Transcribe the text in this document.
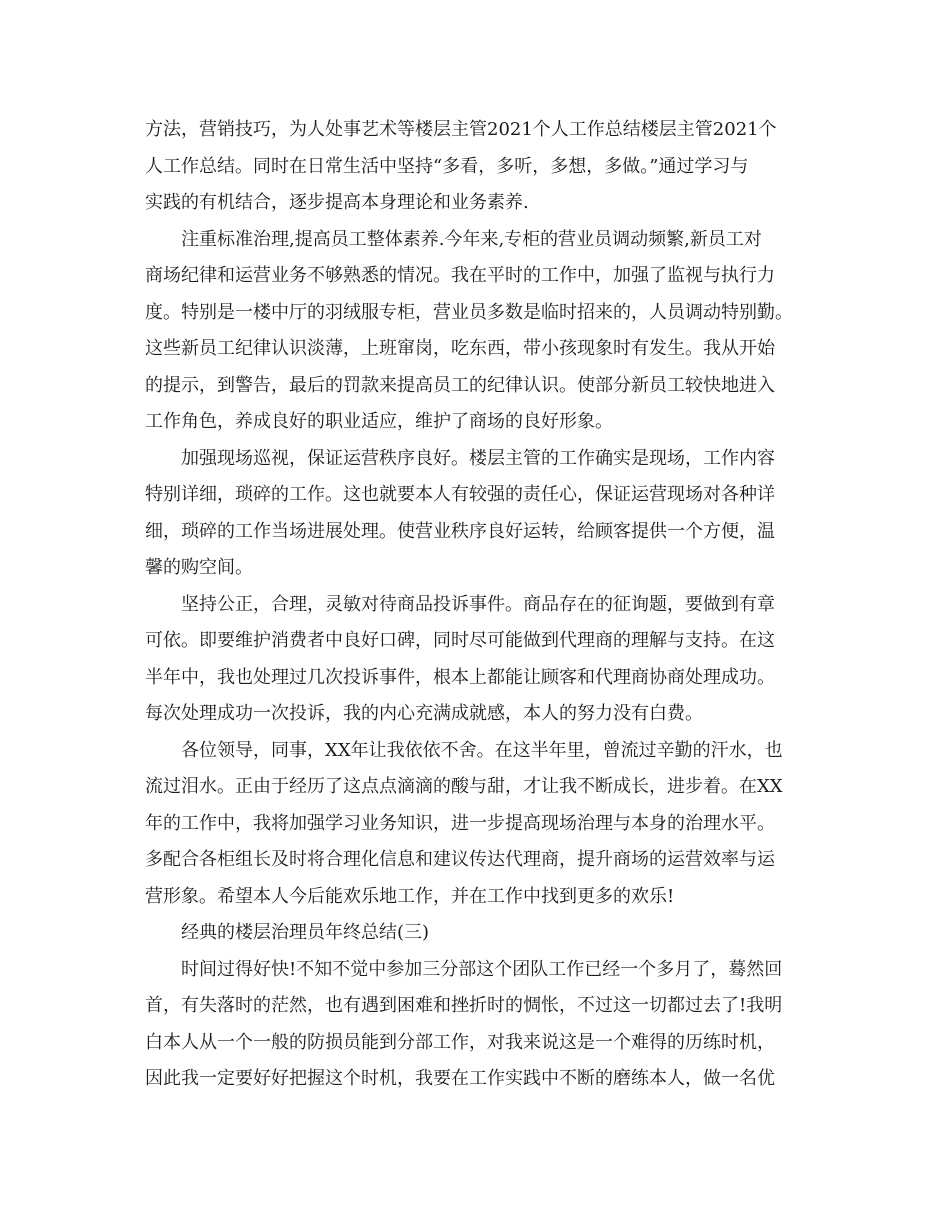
方法，营销技巧，为人处事艺术等楼层主管2021个人工作总结楼层主管2021个

人工作总结。同时在日常生活中坚持“多看，多听，多想，多做。”通过学习与

实践的有机结合，逐步提高本身理论和业务素养.

　　注重标准治理,提高员工整体素养.今年来,专柜的营业员调动频繁,新员工对

商场纪律和运营业务不够熟悉的情况。我在平时的工作中，加强了监视与执行力

度。特别是一楼中厅的羽绒服专柜，营业员多数是临时招来的，人员调动特别勤。

这些新员工纪律认识淡薄，上班窜岗，吃东西，带小孩现象时有发生。我从开始

的提示，到警告，最后的罚款来提高员工的纪律认识。使部分新员工较快地进入

工作角色，养成良好的职业适应，维护了商场的良好形象。

　　加强现场巡视，保证运营秩序良好。楼层主管的工作确实是现场，工作内容

特别详细，琐碎的工作。这也就要本人有较强的责任心，保证运营现场对各种详

细，琐碎的工作当场进展处理。使营业秩序良好运转，给顾客提供一个方便，温

馨的购空间。

　　坚持公正，合理，灵敏对待商品投诉事件。商品存在的征询题，要做到有章

可依。即要维护消费者中良好口碑，同时尽可能做到代理商的理解与支持。在这

半年中，我也处理过几次投诉事件，根本上都能让顾客和代理商协商处理成功。

每次处理成功一次投诉，我的内心充满成就感，本人的努力没有白费。

　　各位领导，同事，XX年让我依依不舍。在这半年里，曾流过辛勤的汗水，也

流过泪水。正由于经历了这点点滴滴的酸与甜，才让我不断成长，进步着。在XX

年的工作中，我将加强学习业务知识，进一步提高现场治理与本身的治理水平。

多配合各柜组长及时将合理化信息和建议传达代理商，提升商场的运营效率与运

营形象。希望本人今后能欢乐地工作，并在工作中找到更多的欢乐!

　　经典的楼层治理员年终总结(三)

　　时间过得好快!不知不觉中参加三分部这个团队工作已经一个多月了，蓦然回

首，有失落时的茫然，也有遇到困难和挫折时的惆怅，不过这一切都过去了!我明

白本人从一个一般的防损员能到分部工作，对我来说这是一个难得的历练时机，

因此我一定要好好把握这个时机，我要在工作实践中不断的磨练本人，做一名优
